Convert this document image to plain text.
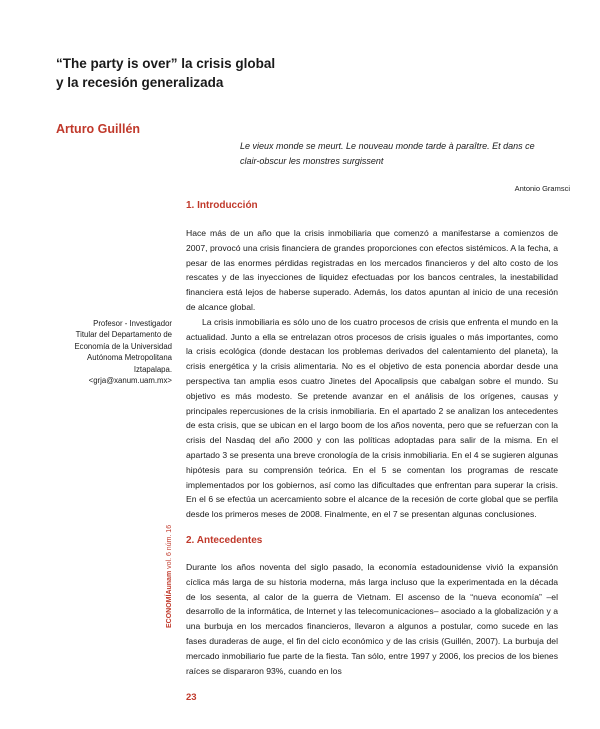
“The party is over” la crisis global
y la recesión generalizada

Arturo Guillén

Le vieux monde se meurt. Le nouveau monde tarde à paraître. Et dans ce
clair-obscur les monstres surgissent

Antonio Gramsci

1. Introducción

Hace más de un año que la crisis inmobiliaria que comenzó a manifestarse a comienzos de 2007, provocó una crisis financiera de grandes proporciones con efectos sistémicos. A la fecha, a pesar de las enormes pérdidas registradas en los mercados financieros y del alto costo de los rescates y de las inyecciones de liquidez efectuadas por los bancos centrales, la inestabilidad financiera está lejos de haberse superado. Además, los datos apuntan al inicio de una recesión de alcance global.

La crisis inmobiliaria es sólo uno de los cuatro procesos de crisis que enfrenta el mundo en la actualidad. Junto a ella se entrelazan otros procesos de crisis iguales o más importantes, como la crisis ecológica (donde destacan los problemas derivados del calentamiento del planeta), la crisis energética y la crisis alimentaria. No es el objetivo de esta ponencia abordar desde una perspectiva tan amplia esos cuatro Jinetes del Apocalipsis que cabalgan sobre el mundo. Su objetivo es más modesto. Se pretende avanzar en el análisis de los orígenes, causas y principales repercusiones de la crisis inmobiliaria. En el apartado 2 se analizan los antecedentes de esta crisis, que se ubican en el largo boom de los años noventa, pero que se refuerzan con la crisis del Nasdaq del año 2000 y con las políticas adoptadas para salir de la misma. En el apartado 3 se presenta una breve cronología de la crisis inmobiliaria. En el 4 se sugieren algunas hipótesis para su comprensión teórica. En el 5 se comentan los programas de rescate implementados por los gobiernos, así como las dificultades que enfrentan para superar la crisis. En el 6 se efectúa un acercamiento sobre el alcance de la recesión de corte global que se perfila desde los primeros meses de 2008. Finalmente, en el 7 se presentan algunas conclusiones.

Profesor - Investigador
Titular del Departamento de
Economía de la Universidad
Autónoma Metropolitana
Iztapalapa.
<grja@xanum.uam.mx>
2. Antecedentes

Durante los años noventa del siglo pasado, la economía estadounidense vivió la expansión cíclica más larga de su historia moderna, más larga incluso que la experimentada en la década de los sesenta, al calor de la guerra de Vietnam. El ascenso de la “nueva economía” –el desarrollo de la informática, de Internet y las telecomunicaciones– asociado a la globalización y a una burbuja en los mercados financieros, llevaron a algunos a postular, como sucede en las fases duraderas de auge, el fin del ciclo económico y de las crisis (Guillén, 2007). La burbuja del mercado inmobiliario fue parte de la fiesta. Tan sólo, entre 1997 y 2006, los precios de los bienes raíces se dispararon 93%, cuando en los

ECONOMÍAunam vol. 6 núm. 16

23
